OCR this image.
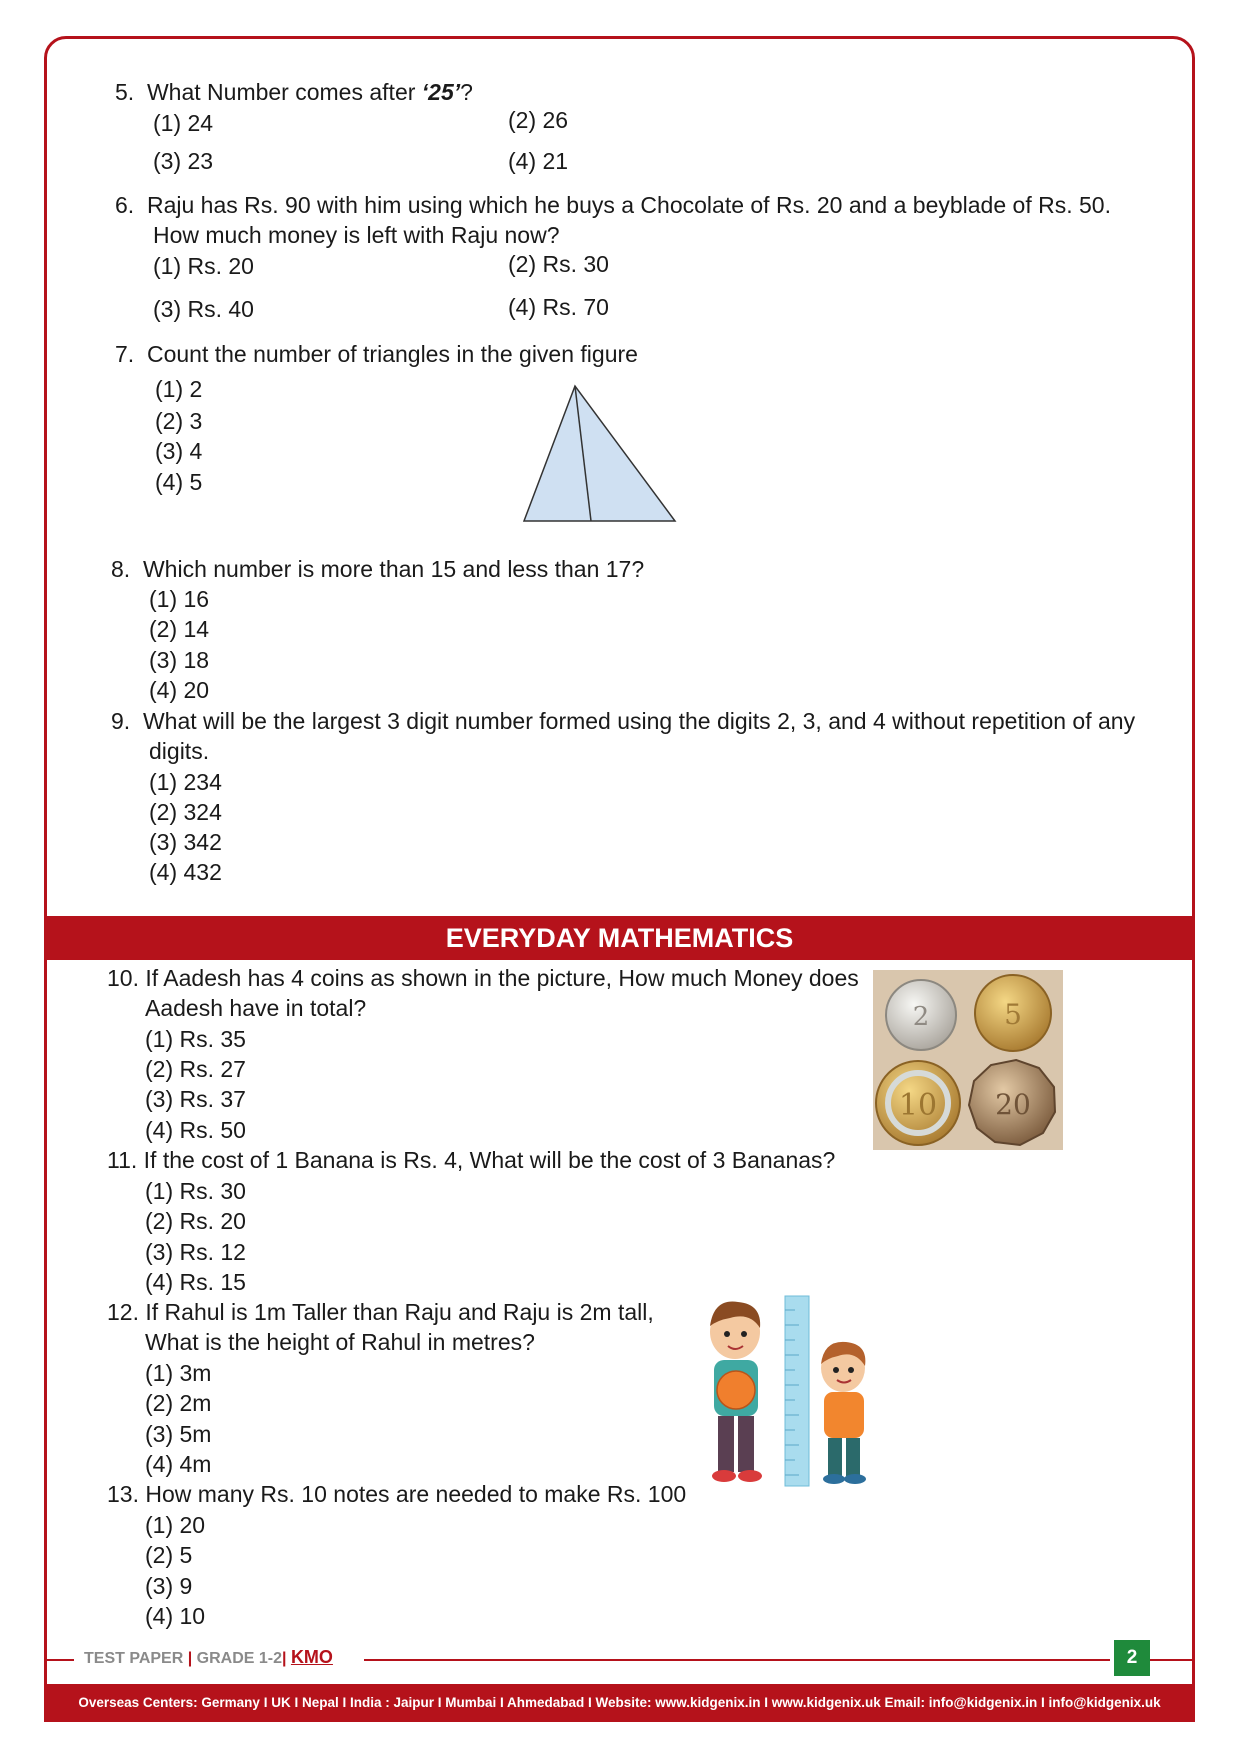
5. What Number comes after ‘25’?
(1) 24	(2) 26
(3) 23	(4) 21
6. Raju has Rs. 90 with him using which he buys a Chocolate of Rs. 20 and a beyblade of Rs. 50.
How much money is left with Raju now?
(1) Rs. 20	(2) Rs. 30
(3) Rs. 40	(4) Rs. 70
7. Count the number of triangles in the given figure
(1) 2
(2) 3
(3) 4
(4) 5
8. Which number is more than 15 and less than 17?
(1) 16
(2) 14
(3) 18
(4) 20
9. What will be the largest 3 digit number formed using the digits 2, 3, and 4 without repetition of any
digits.
(1) 234
(2) 324
(3) 342
(4) 432
EVERYDAY MATHEMATICS
10. If Aadesh has 4 coins as shown in the picture, How much Money does
Aadesh have in total?
(1) Rs. 35
(2) Rs. 27
(3) Rs. 37
(4) Rs. 50
2	5
10 20
11. If the cost of 1 Banana is Rs. 4, What will be the cost of 3 Bananas?
(1) Rs. 30
(2) Rs. 20
(3) Rs. 12
(4) Rs. 15
12. If Rahul is 1m Taller than Raju and Raju is 2m tall,
What is the height of Rahul in metres?
(1) 3m
(2) 2m
(3) 5m
(4) 4m
13. How many Rs. 10 notes are needed to make Rs. 100
(1) 20
(2) 5
(3) 9
(4) 10
TEST PAPER | GRADE 1-2| KMO	2
Overseas Centers: Germany I UK I Nepal I India : Jaipur I Mumbai I Ahmedabad I Website: www.kidgenix.in I www.kidgenix.uk Email: info@kidgenix.in I info@kidgenix.uk
